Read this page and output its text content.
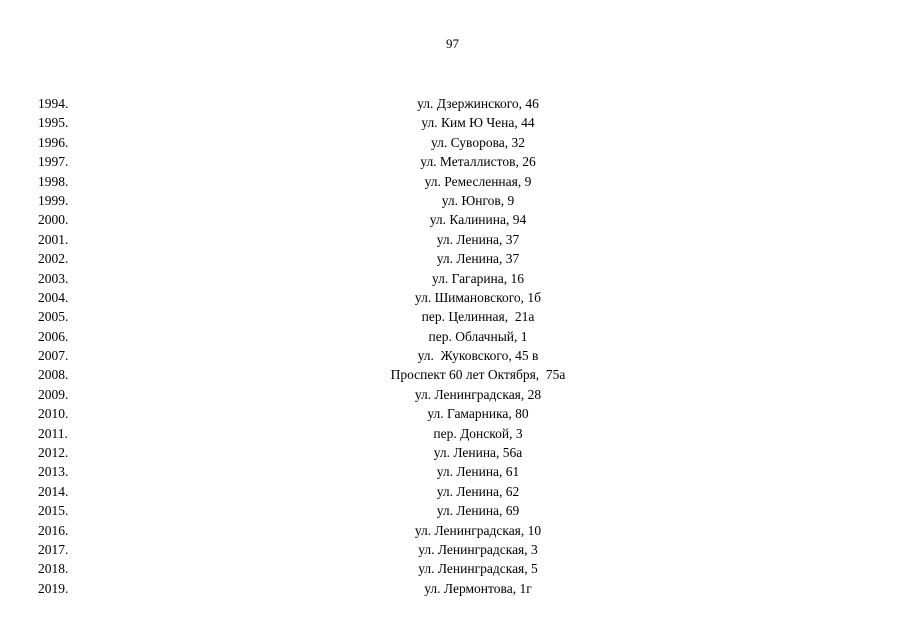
97
1994.	ул. Дзержинского, 46
1995.	ул. Ким Ю Чена, 44
1996.	ул. Суворова, 32
1997.	ул. Металлистов, 26
1998.	ул. Ремесленная, 9
1999.	ул. Юнгов, 9
2000.	ул. Калинина, 94
2001.	ул. Ленина, 37
2002.	ул. Ленина, 37
2003.	ул. Гагарина, 16
2004.	ул. Шимановского, 1б
2005.	пер. Целинная,  21а
2006.	пер. Облачный, 1
2007.	ул.  Жуковского, 45 в
2008.	Проспект 60 лет Октября,  75а
2009.	ул. Ленинградская, 28
2010.	ул. Гамарника, 80
2011.	пер. Донской, 3
2012.	ул. Ленина, 56а
2013.	ул. Ленина, 61
2014.	ул. Ленина, 62
2015.	ул. Ленина, 69
2016.	ул. Ленинградская, 10
2017.	ул. Ленинградская, 3
2018.	ул. Ленинградская, 5
2019.	ул. Лермонтова, 1г
